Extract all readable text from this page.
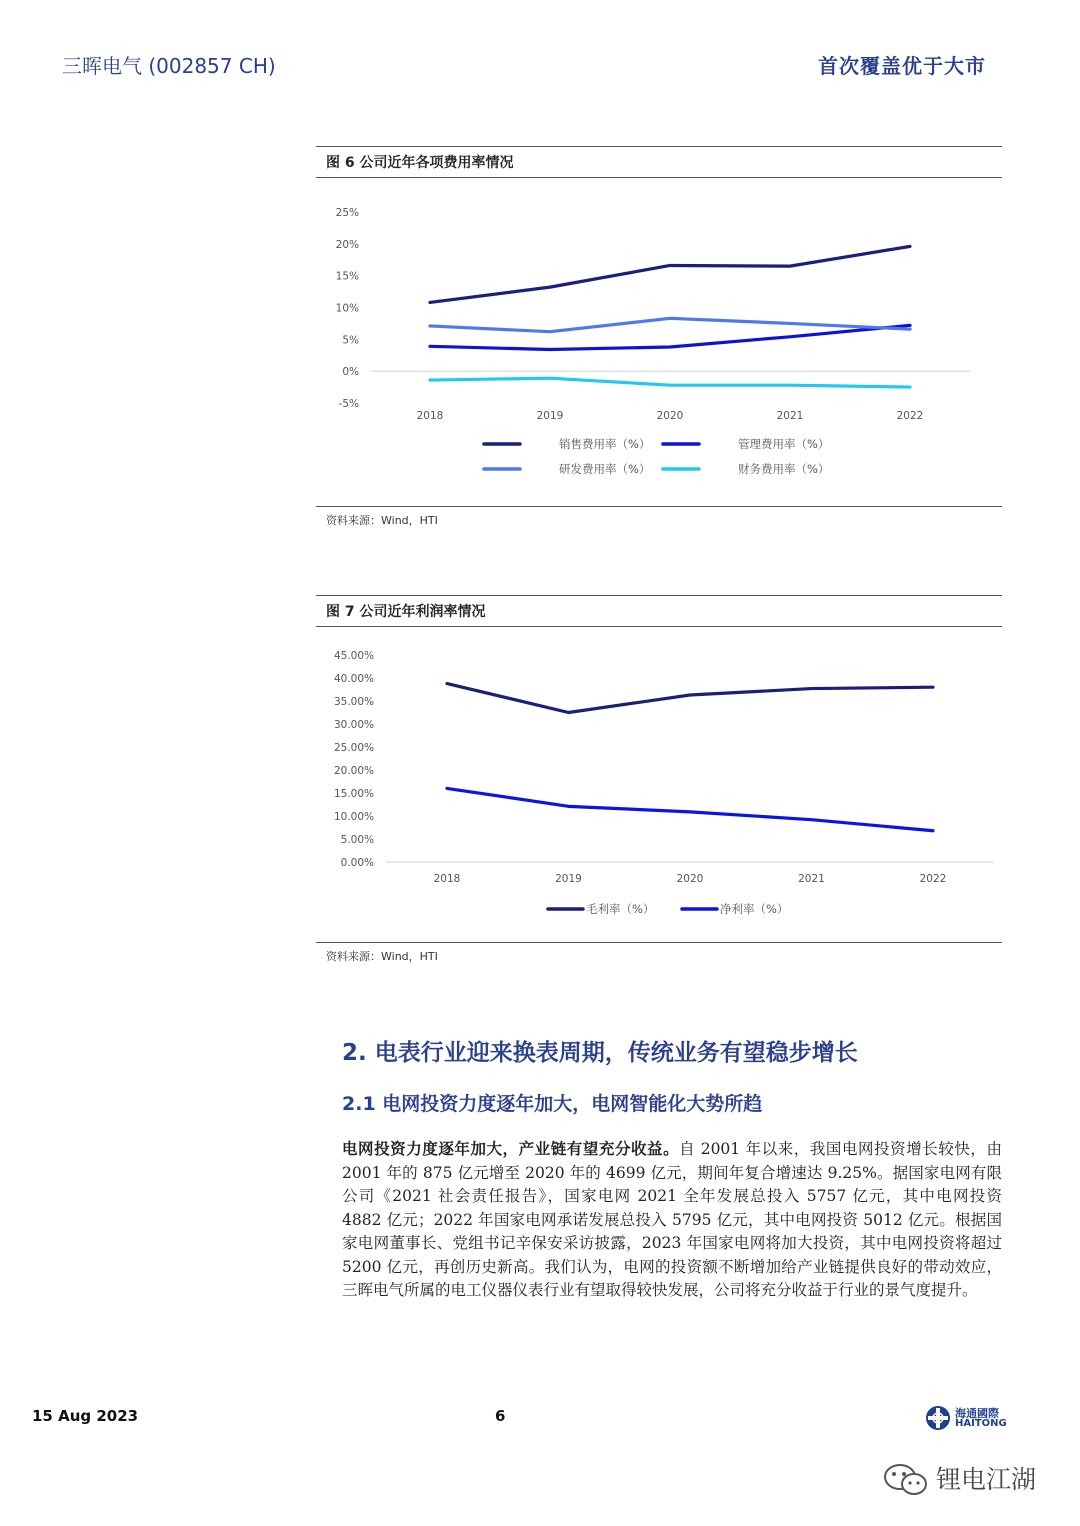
三晖电气 (002857 CH)	首次覆盖优于大市
图 6 公司近年各项费用率情况
25%
20%
15%
10%
5%
0%
-5%
2018	2019	2020	2021	2022
销售费用率（%）	管理费用率（%）
研发费用率（%）	财务费用率（%）
资料来源：Wind，HTI
图 7 公司近年利润率情况
45.00%
40.00%
35.00%
30.00%
25.00%
20.00%
15.00%
10.00%
5.00%
0.00%
2018	2019	2020	2021	2022
毛利率（%）	净利率（%）
资料来源：Wind，HTI
2. 电表行业迎来换表周期，传统业务有望稳步增长
2.1 电网投资力度逐年加大，电网智能化大势所趋
电网投资力度逐年加大，产业链有望充分收益。自 2001 年以来，我国电网投资增长较快，由 2001 年的 875 亿元增至 2020 年的 4699 亿元，期间年复合增速达 9.25%。据国家电网有限公司《2021 社会责任报告》，国家电网 2021 全年发展总投入 5757 亿元，其中电网投资 4882 亿元；2022 年国家电网承诺发展总投入 5795 亿元，其中电网投资 5012 亿元。根据国家电网董事长、党组书记辛保安采访披露，2023 年国家电网将加大投资，其中电网投资将超过 5200 亿元，再创历史新高。我们认为，电网的投资额不断增加给产业链提供良好的带动效应，三晖电气所属的电工仪器仪表行业有望取得较快发展，公司将充分收益于行业的景气度提升。
15 Aug 2023	6	海通國際
HAITONG
锂电江湖
